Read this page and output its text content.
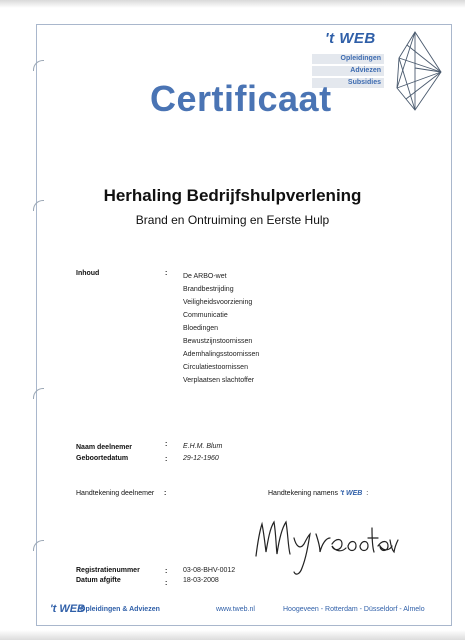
't WEB
Opleidingen
Adviezen
Subsidies
Certificaat
Herhaling Bedrijfshulpverlening
Brand en Ontruiming en Eerste Hulp
Inhoud	: De ARBO-wet
Brandbestrijding
Veiligheidsvoorziening
Communicatie
Bloedingen
Bewustzijnstoornissen
Ademhalingsstoornissen
Circulatiestoornissen
Verplaatsen slachtoffer
Naam deelnemer	: E.H.M. Blum
Geboortedatum	: 29-12-1960
Handtekening deelnemer :	Handtekening namens 't WEB  :
Registratienummer	: 03-08-BHV-0012
Datum afgifte	: 18-03-2008
't WEB
Opleidingen & Adviezen	www.tweb.nl	Hoogeveen - Rotterdam - Düsseldorf - Almelo
